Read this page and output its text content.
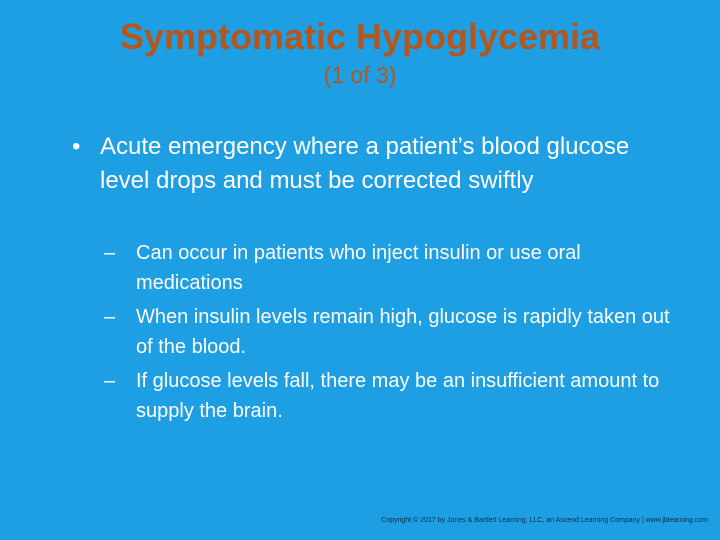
Symptomatic Hypoglycemia
(1 of 3)
• Acute emergency where a patient’s blood glucose level drops and must be corrected swiftly
– Can occur in patients who inject insulin or use oral medications
– When insulin levels remain high, glucose is rapidly taken out of the blood.
– If glucose levels fall, there may be an insufficient amount to supply the brain.
Copyright © 2017 by Jones & Bartlett Learning, LLC, an Ascend Learning Company | www.jblearning.com
